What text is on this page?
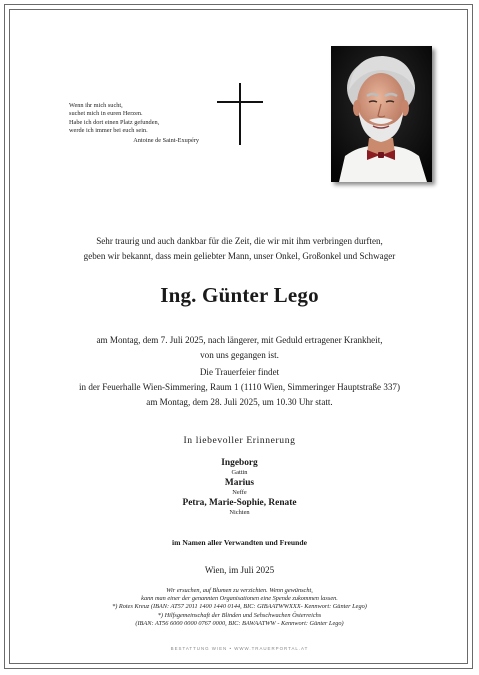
Wenn ihr mich sucht,
suchet mich in euren Herzen.
Habe ich dort einen Platz gefunden,
werde ich immer bei euch sein.
Antoine de Saint-Exupéry
Sehr traurig und auch dankbar für die Zeit, die wir mit ihm verbringen durften,
geben wir bekannt, dass mein geliebter Mann, unser Onkel, Großonkel und Schwager
Ing. Günter Lego
am Montag, dem 7. Juli 2025, nach längerer, mit Geduld ertragener Krankheit,
von uns gegangen ist.
Die Trauerfeier findet
in der Feuerhalle Wien-Simmering, Raum 1 (1110 Wien, Simmeringer Hauptstraße 337)
am Montag, dem 28. Juli 2025, um 10.30 Uhr statt.
In liebevoller Erinnerung
Ingeborg
Gattin
Marius
Neffe
Petra, Marie-Sophie, Renate
Nichten
im Namen aller Verwandten und Freunde
Wien, im Juli 2025
Wir ersuchen, auf Blumen zu verzichten. Wenn gewünscht,
kann man einer der genannten Organisationen eine Spende zukommen lassen.
*) Rotes Kreuz (IBAN: AT57 2011 1400 1440 0144, BIC: GIBAATWWXXX- Kennwort: Günter Lego)
*) Hilfsgemeinschaft der Blinden und Sehschwachen Österreichs
(IBAN: AT56 6000 0000 0767 0000, BIC: BAWAATWW - Kennwort: Günter Lego)
BESTATTUNG WIEN • WWW.TRAUERPORTAL.AT
